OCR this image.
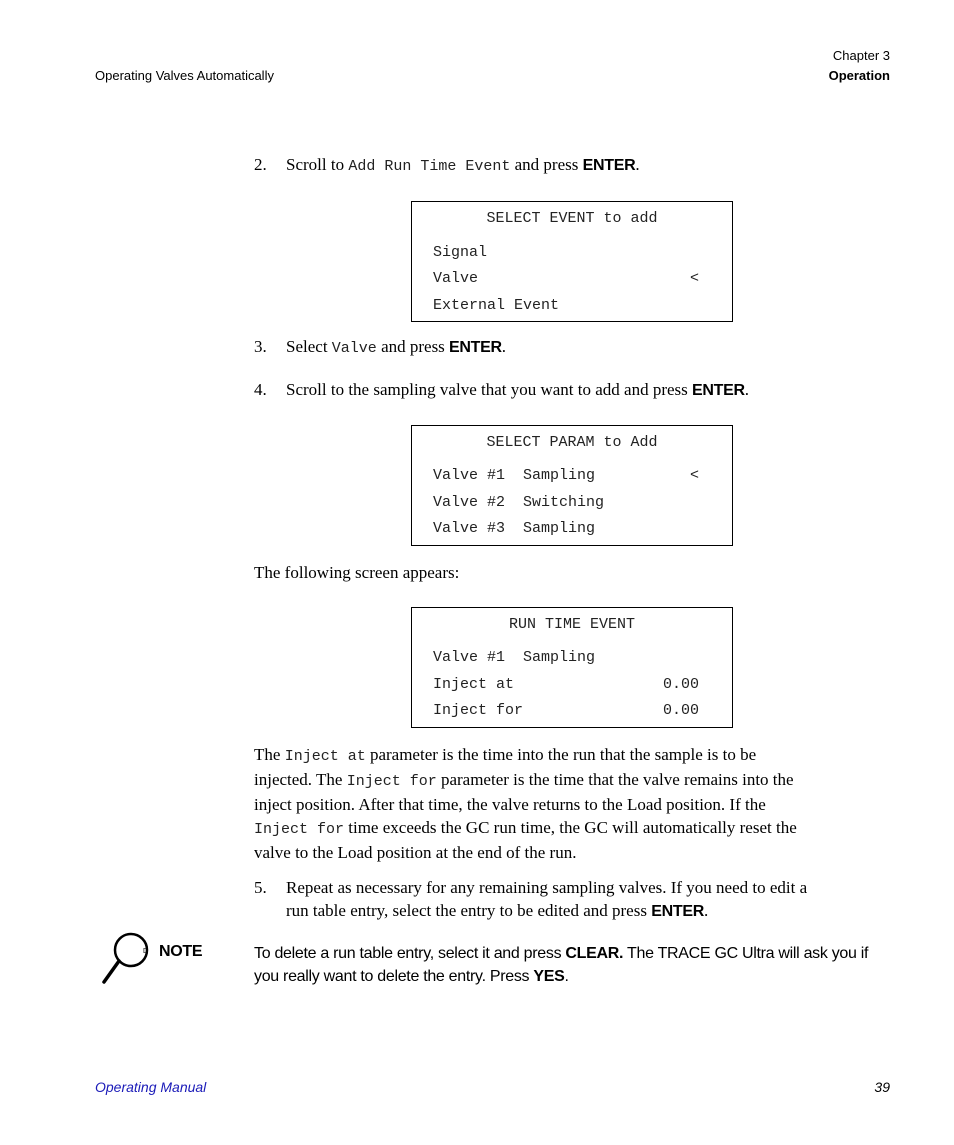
Operating Valves Automatically
Chapter 3
Operation
2. Scroll to Add Run Time Event and press ENTER.
SELECT EVENT to add
Signal
Valve	<
External Event
3. Select Valve and press ENTER.
4. Scroll to the sampling valve that you want to add and press ENTER.
SELECT PARAM to Add
Valve #1  Sampling	<
Valve #2  Switching
Valve #3  Sampling
The following screen appears:
RUN TIME EVENT
Valve #1  Sampling
Inject at	0.00
Inject for	0.00
The Inject at parameter is the time into the run that the sample is to be
injected. The Inject for parameter is the time that the valve remains into the
inject position. After that time, the valve returns to the Load position. If the
Inject for time exceeds the GC run time, the GC will automatically reset the
valve to the Load position at the end of the run.
5. Repeat as necessary for any remaining sampling valves. If you need to edit a
run table entry, select the entry to be edited and press ENTER.
D NOTE	To delete a run table entry, select it and press CLEAR. The TRACE GC Ultra will ask you if
you really want to delete the entry. Press YES.
Operating Manual	39
